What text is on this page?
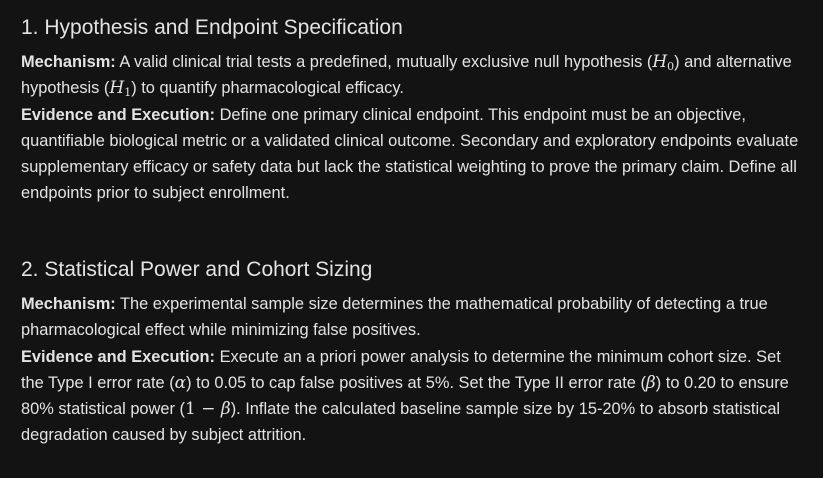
1. Hypothesis and Endpoint Specification

Mechanism: A valid clinical trial tests a predefined, mutually exclusive null hypothesis $(H_0)$ and alternative hypothesis $(H_1)$ to quantify pharmacological efficacy.

Evidence and Execution: Define one primary clinical endpoint. This endpoint must be an objective, quantifiable biological metric or a validated clinical outcome. Secondary and exploratory endpoints evaluate supplementary efficacy or safety data but lack the statistical weighting to prove the primary claim. Define all endpoints prior to subject enrollment.

2. Statistical Power and Cohort Sizing

Mechanism: The experimental sample size determines the mathematical probability of detecting a true pharmacological effect while minimizing false positives.

Evidence and Execution: Execute an a priori power analysis to determine the minimum cohort size. Set the Type I error rate (α) to 0.05 to cap false positives at 5%. Set the Type II error rate (β) to 0.20 to ensure 80% statistical power (1 − β). Inflate the calculated baseline sample size by 15-20% to absorb statistical degradation caused by subject attrition.
